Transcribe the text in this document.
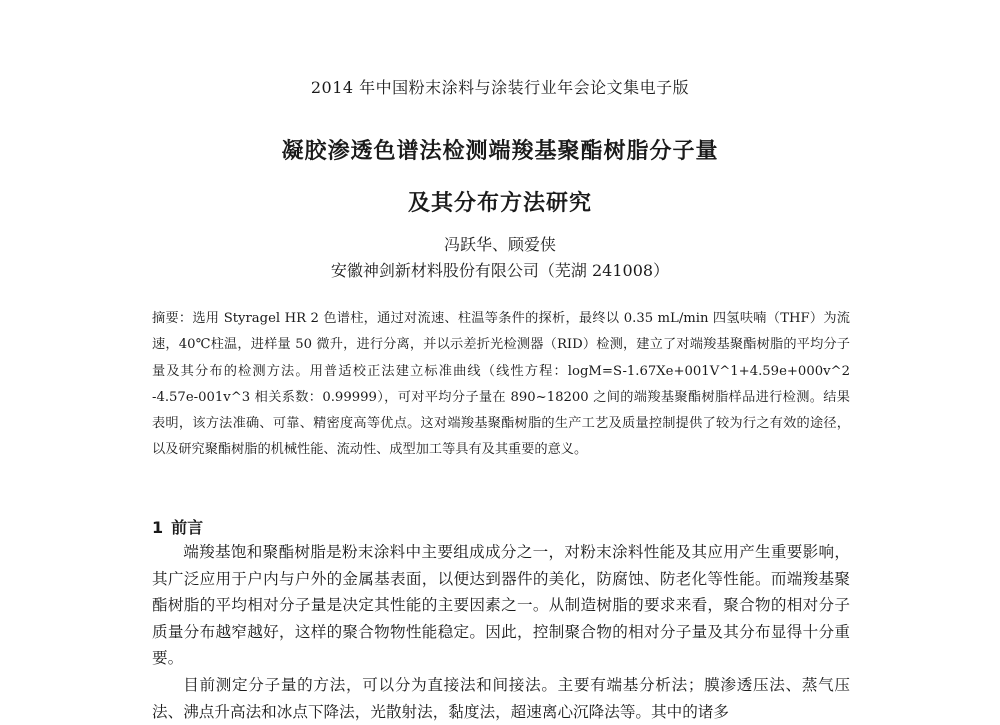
2014 年中国粉末涂料与涂装行业年会论文集电子版
凝胶渗透色谱法检测端羧基聚酯树脂分子量
及其分布方法研究
冯跃华、顾爱侠
安徽神剑新材料股份有限公司（芜湖 241008）
摘要：选用 Styragel HR 2 色谱柱，通过对流速、柱温等条件的探析，最终以 0.35 mL/min 四氢呋喃（THF）为流速，40℃柱温，进样量 50 微升，进行分离，并以示差折光检测器（RID）检测，建立了对端羧基聚酯树脂的平均分子量及其分布的检测方法。用普适校正法建立标准曲线（线性方程：logM=S-1.67Xe+001V^1+4.59e+000v^2 -4.57e-001v^3 相关系数：0.99999），可对平均分子量在 890~18200 之间的端羧基聚酯树脂样品进行检测。结果表明，该方法准确、可靠、精密度高等优点。这对端羧基聚酯树脂的生产工艺及质量控制提供了较为行之有效的途径，以及研究聚酯树脂的机械性能、流动性、成型加工等具有及其重要的意义。
1 前言

端羧基饱和聚酯树脂是粉末涂料中主要组成成分之一，对粉末涂料性能及其应用产生重要影响，其广泛应用于户内与户外的金属基表面，以便达到器件的美化，防腐蚀、防老化等性能。而端羧基聚酯树脂的平均相对分子量是决定其性能的主要因素之一。从制造树脂的要求来看，聚合物的相对分子质量分布越窄越好，这样的聚合物物性能稳定。因此，控制聚合物的相对分子量及其分布显得十分重要。

目前测定分子量的方法，可以分为直接法和间接法。主要有端基分析法；膜渗透压法、蒸气压法、沸点升高法和冰点下降法，光散射法，黏度法，超速离心沉降法等。其中的诸多
